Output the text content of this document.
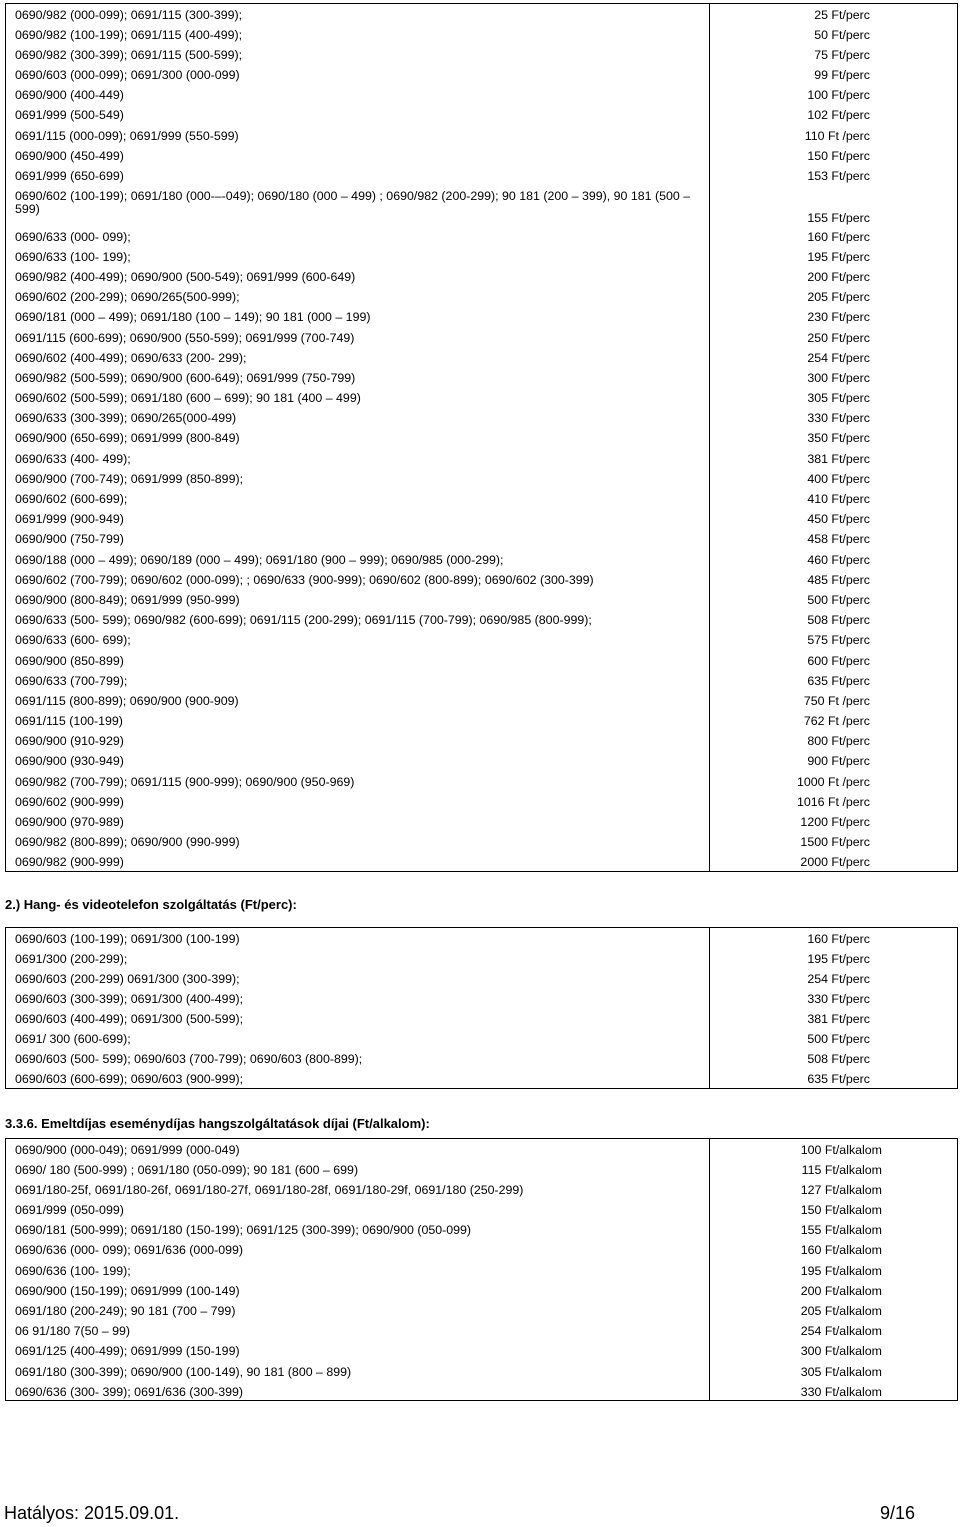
0690/982 (000-099); 0691/115 (300-399);	25 Ft/perc
0690/982 (100-199); 0691/115 (400-499);	50 Ft/perc
0690/982 (300-399); 0691/115 (500-599);	75 Ft/perc
0690/603 (000-099); 0691/300 (000-099)	99 Ft/perc
0690/900 (400-449)	100 Ft/perc
0691/999 (500-549)	102 Ft/perc
0691/115 (000-099); 0691/999 (550-599)	110 Ft /perc
0690/900 (450-499)	150 Ft/perc
0691/999 (650-699)	153 Ft/perc
0690/602 (100-199); 0691/180 (000-–-049); 0690/180 (000 – 499) ; 0690/982 (200-299); 90 181 (200 – 399), 90 181 (500 – 599)	155 Ft/perc
0690/633 (000- 099);	160 Ft/perc
0690/633 (100- 199);	195 Ft/perc
0690/982 (400-499); 0690/900 (500-549); 0691/999 (600-649)	200 Ft/perc
0690/602 (200-299); 0690/265(500-999);	205 Ft/perc
0690/181 (000 – 499); 0691/180 (100 – 149); 90 181 (000 – 199)	230 Ft/perc
0691/115 (600-699); 0690/900 (550-599); 0691/999 (700-749)	250 Ft/perc
0690/602 (400-499); 0690/633 (200- 299);	254 Ft/perc
0690/982 (500-599); 0690/900 (600-649); 0691/999 (750-799)	300 Ft/perc
0690/602 (500-599); 0691/180 (600 – 699); 90 181 (400 – 499)	305 Ft/perc
0690/633 (300-399); 0690/265(000-499)	330 Ft/perc
0690/900 (650-699); 0691/999 (800-849)	350 Ft/perc
0690/633 (400- 499);	381 Ft/perc
0690/900 (700-749); 0691/999 (850-899);	400 Ft/perc
0690/602 (600-699);	410 Ft/perc
0691/999 (900-949)	450 Ft/perc
0690/900 (750-799)	458 Ft/perc
0690/188 (000 – 499); 0690/189 (000 – 499); 0691/180 (900 – 999); 0690/985 (000-299);	460 Ft/perc
0690/602 (700-799); 0690/602 (000-099); ; 0690/633 (900-999); 0690/602 (800-899); 0690/602 (300-399)	485 Ft/perc
0690/900 (800-849); 0691/999 (950-999)	500 Ft/perc
0690/633 (500- 599); 0690/982 (600-699); 0691/115 (200-299); 0691/115 (700-799); 0690/985 (800-999);	508 Ft/perc
0690/633 (600- 699);	575 Ft/perc
0690/900 (850-899)	600 Ft/perc
0690/633 (700-799);	635 Ft/perc
0691/115 (800-899); 0690/900 (900-909)	750 Ft /perc
0691/115 (100-199)	762 Ft /perc
0690/900 (910-929)	800 Ft/perc
0690/900 (930-949)	900 Ft/perc
0690/982 (700-799); 0691/115 (900-999); 0690/900 (950-969)	1000 Ft /perc
0690/602 (900-999)	1016 Ft /perc
0690/900 (970-989)	1200 Ft/perc
0690/982 (800-899); 0690/900 (990-999)	1500 Ft/perc
0690/982 (900-999)	2000 Ft/perc
2.) Hang- és videotelefon szolgáltatás (Ft/perc):
0690/603 (100-199); 0691/300 (100-199)	160 Ft/perc
0691/300 (200-299);	195 Ft/perc
0690/603 (200-299) 0691/300 (300-399);	254 Ft/perc
0690/603 (300-399); 0691/300 (400-499);	330 Ft/perc
0690/603 (400-499); 0691/300 (500-599);	381 Ft/perc
0691/ 300 (600-699);	500 Ft/perc
0690/603 (500- 599); 0690/603 (700-799); 0690/603 (800-899);	508 Ft/perc
0690/603 (600-699); 0690/603 (900-999);	635 Ft/perc
3.3.6. Emeltdíjas eseménydíjas hangszolgáltatások díjai (Ft/alkalom):
0690/900 (000-049); 0691/999 (000-049)	100 Ft/alkalom
0690/ 180 (500-999) ; 0691/180 (050-099); 90 181 (600 – 699)	115 Ft/alkalom
0691/180-25f, 0691/180-26f, 0691/180-27f, 0691/180-28f, 0691/180-29f, 0691/180 (250-299)	127 Ft/alkalom
0691/999 (050-099)	150 Ft/alkalom
0690/181 (500-999); 0691/180 (150-199); 0691/125 (300-399); 0690/900 (050-099)	155 Ft/alkalom
0690/636 (000- 099); 0691/636 (000-099)	160 Ft/alkalom
0690/636 (100- 199);	195 Ft/alkalom
0690/900 (150-199); 0691/999 (100-149)	200 Ft/alkalom
0691/180 (200-249); 90 181 (700 – 799)	205 Ft/alkalom
06 91/180 7(50 – 99)	254 Ft/alkalom
0691/125 (400-499); 0691/999 (150-199)	300 Ft/alkalom
0691/180 (300-399); 0690/900 (100-149), 90 181 (800 – 899)	305 Ft/alkalom
0690/636 (300- 399); 0691/636 (300-399)	330 Ft/alkalom
Hatályos: 2015.09.01.	9/16
